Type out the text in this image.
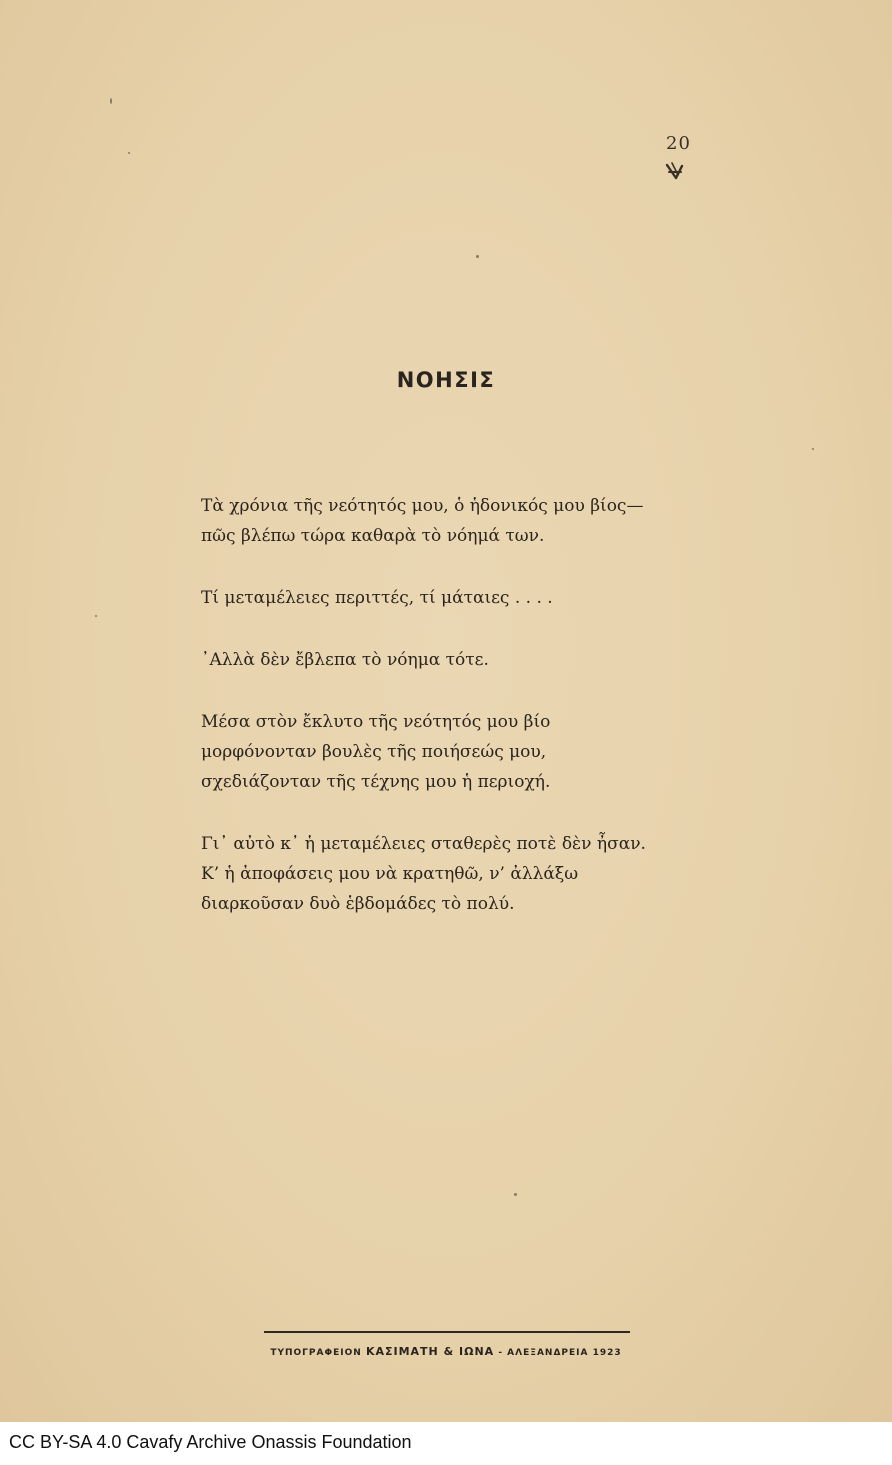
20
ΝΟΗΣΙΣ
Τὰ χρόνια τῆς νεότητός μου, ὁ ἡδονικός μου βίος—
πῶς βλέπω τώρα καθαρὰ τὸ νόημά των.
Τί μεταμέλειες περιττές, τί μάταιες . . . .
᾿Αλλὰ δὲν ἔβλεπα τὸ νόημα τότε.
Μέσα στὸν ἔκλυτο τῆς νεότητός μου βίο
μορφόνονταν βουλὲς τῆς ποιήσεώς μου,
σχεδιάζονταν τῆς τέχνης μου ἡ περιοχή.
Γι᾿ αὐτὸ κ᾿ ἡ μεταμέλειες σταθερὲς ποτὲ δὲν ἦσαν.
Κ’ ἡ ἀποφάσεις μου νὰ κρατηθῶ, ν’ ἀλλάξω
διαρκοῦσαν δυὸ ἑβδομάδες τὸ πολύ.
ΤΥΠΟΓΡΑΦΕΙΟΝ ΚΑΣΙΜΑΤΗ & ΙΩΝΑ - ΑΛΕΞΑΝΔΡΕΙΑ 1923
CC BY-SA 4.0 Cavafy Archive Onassis Foundation
